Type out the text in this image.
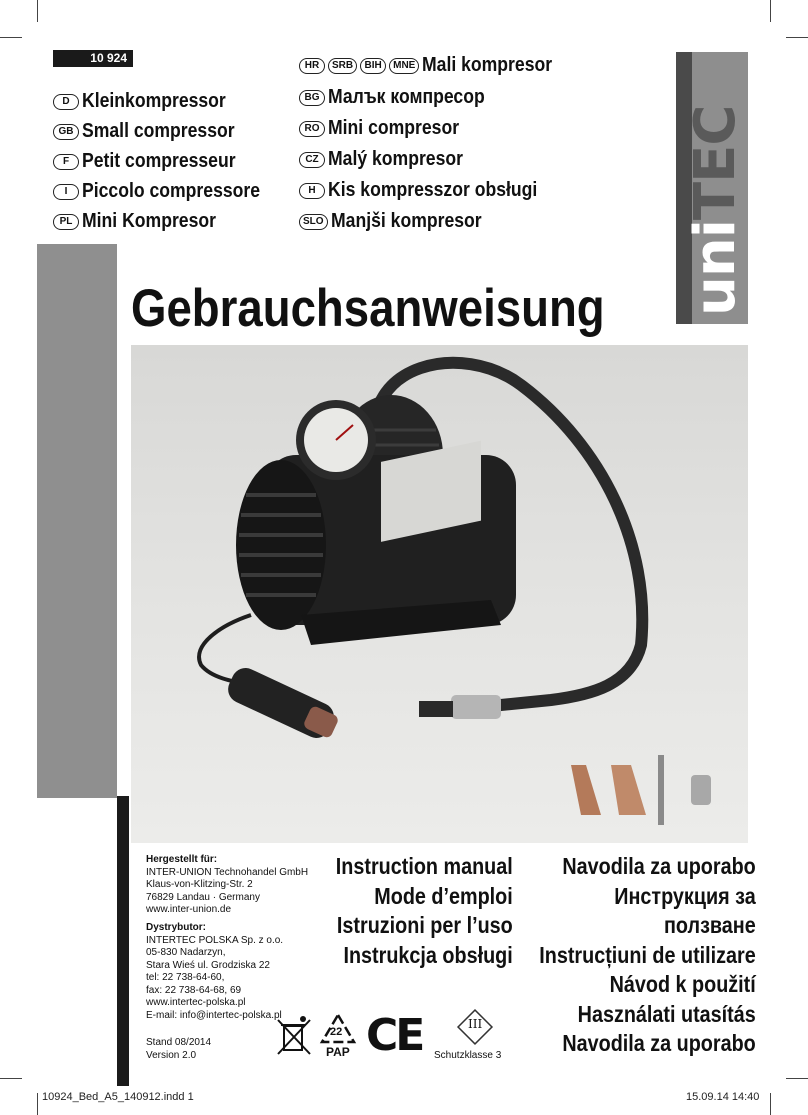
uniTEC
10 924
D Kleinkompressor
GB Small compressor
F Petit compresseur
I Piccolo compressore
PL Mini Kompresor
HR	SRB	BIH	MNE Mali kompresor
BG Малък компресор
RO Mini compresor
CZ Malý kompresor
H Kis kompresszor obsługi
SLO Manjši kompresor
Gebrauchsanweisung
Hergestellt für:
INTER-UNION Technohandel GmbH
Klaus-von-Klitzing-Str. 2
76829 Landau · Germany
www.inter-union.de
Dystrybutor:
INTERTEC POLSKA Sp. z o.o.
05-830 Nadarzyn,
Stara Wieś ul. Grodziska 22
tel: 22 738-64-60,
fax: 22 738-64-68, 69
www.intertec-polska.pl
E-mail: info@intertec-polska.pl
Stand 08/2014
Version 2.0
22
PAP CE	III
Schutzklasse 3
Instruction manual
Mode d’emploi
Istruzioni per l’uso
Instrukcja obsługi
Navodila za uporabo
Инструкция за
ползване
Instrucțiuni de utilizare
Návod k použití
Használati utasítás
Navodila za uporabo
10924_Bed_A5_140912.indd 1	15.09.14 14:40
